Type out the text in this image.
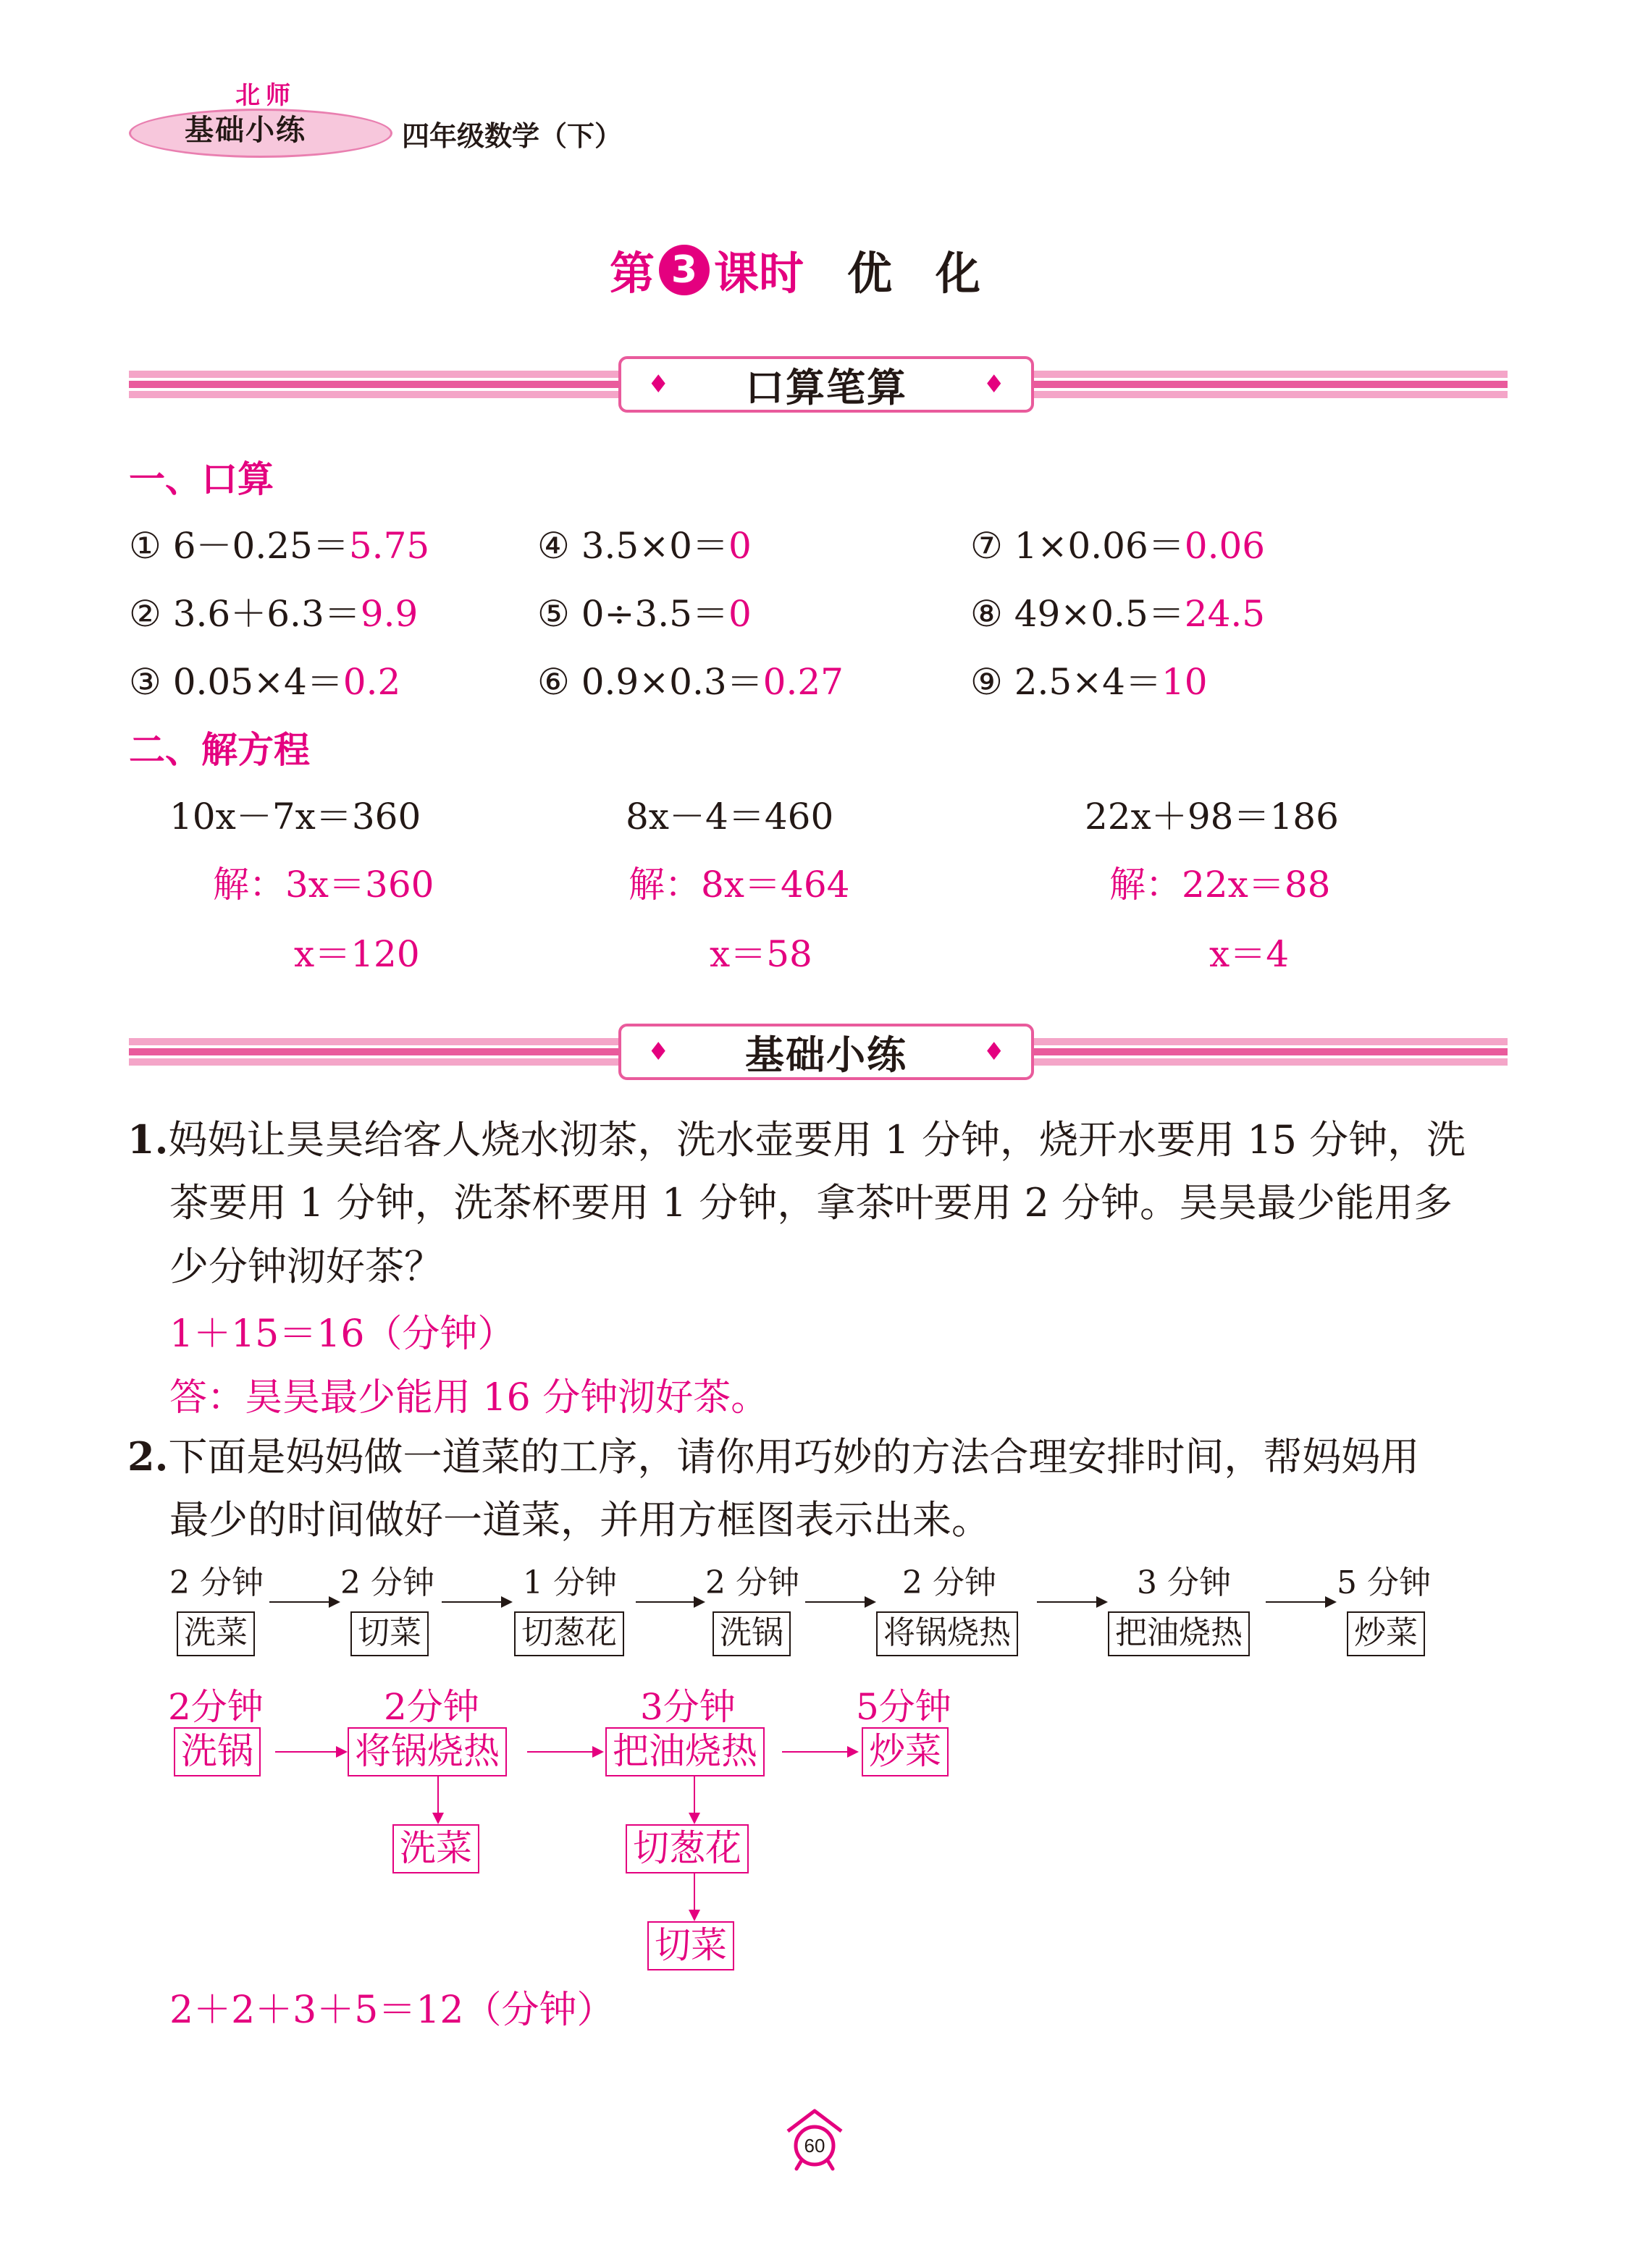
北师
基础小练	四年级数学（下）
第 3 课时 优化
♦ 口算笔算	♦
一、口算
① 6－0.25＝5.75
② 3.6＋6.3＝9.9
③ 0.05×4＝0.2
④ 3.5×0＝0
⑤ 0÷3.5＝0
⑥ 0.9×0.3＝0.27
⑦ 1×0.06＝0.06
⑧ 49×0.5＝24.5
⑨ 2.5×4＝10
二、解方程
10x－7x＝360
解：3x＝360
x＝120
8x－4＝460
解：8x＝464
x＝58
22x＋98＝186
解：22x＝88
x＝4
♦ 基础小练	♦
1.妈妈让昊昊给客人烧水沏茶，洗水壶要用 1 分钟，烧开水要用 15 分钟，洗
茶要用 1 分钟，洗茶杯要用 1 分钟，拿茶叶要用 2 分钟。昊昊最少能用多
少分钟沏好茶？
1＋15＝16（分钟）
答：昊昊最少能用 16 分钟沏好茶。
2.下面是妈妈做一道菜的工序，请你用巧妙的方法合理安排时间，帮妈妈用
最少的时间做好一道菜，并用方框图表示出来。
2 分钟
洗菜
2 分钟
切菜
1 分钟
切葱花
2 分钟
洗锅
2 分钟
将锅烧热
3 分钟
把油烧热
5 分钟
炒菜
2分钟
洗锅
2分钟
将锅烧热
3分钟
把油烧热
5分钟
炒菜
洗菜	切葱花
切菜
2＋2＋3＋5＝12（分钟）
60
